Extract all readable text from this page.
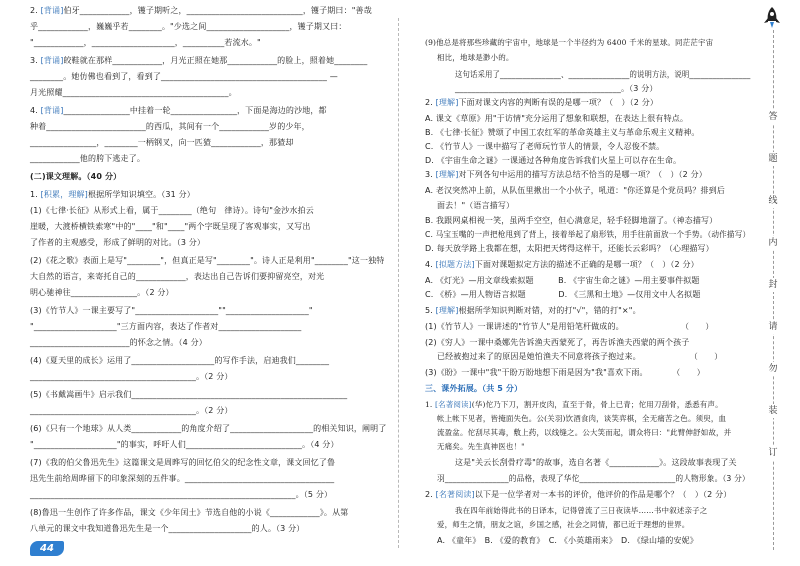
2. [背诵]伯牙____________，镬子期听之，____________________________，镬子期曰："善哉
乎____________，巍巍乎若________。"少选之间____________________，镬子期又曰：
"____________，____________________，__________若流水。"
3. [背诵]皎鞋就在那样____________，月光正照在她那____________的脸上，照着她________
________。她仿佛也看到了，看到了________________________________________ —
月光照耀________________________________________。
4. [背诵]________________中挂着一轮________________，下面是海边的沙地，都
种着________________________的西瓜，其间有一个____________岁的少年，
________________，________一柄钢叉，向一匹猹____________，那猹却
____________他的胯下逃走了。
(二)课文理解。（40 分）
1. [积累，理解]根据所学知识填空。（31 分）
(1)《七律·长征》从形式上看，属于________（绝句　律诗）。诗句"金沙水拍云
崖暖，大渡桥横铁索寒"中的"____"和"____"两个字既呈现了客观事实，又写出
了作者的主观感受，形成了鲜明的对比。（3 分）
(2)《花之歌》表面上是写"________"，但真正是写"________"。诗人正是利用"________"这一独特
大自然的语言，来寄托自己的____________，表达出自己告诉们要抑留亮空，对光
明心驰神往________________。（2 分）
(3)《竹节人》一课主要写了"____________________""____________________"
"____________________"三方面内容，表达了作者对____________________
________________________的怀念之情。（4 分）
(4)《夏天里的成长》运用了____________________的写作手法，启迪我们________
________________________________________。（2 分）
(5)《书戴嵩画牛》启示我们____________________________________________________
________________________________________。（2 分）
(6)《只有一个地球》从人类____________的角度介绍了____________________的相关知识，阐明了
"____________________"的事实，呼吁人们____________________________。（4 分）
(7)《我的伯父鲁迅先生》这篇课文是周晔写的回忆伯父的纪念性文章，课文回忆了鲁
迅先生前给周晔留下的印象深刻的五件事。____________________________________
________________________________________________________________。（5 分）
(8)鲁迅一生创作了许多作品，课文《少年闰土》节选自他的小说《____________》。从第
八单元的课文中我知道鲁迅先生是一个____________________的人。（3 分）
(9)他总是将那些珍藏的宇宙中，地球是一个半径约为 6400 千米的星球。同茫茫宇宙
相比，地球是渺小的。
这句话采用了________________、________________的说明方法，说明________________
________________________________________。（3 分）
2. [理解]下面对课文内容的判断有误的是哪一项？（　）（2 分）
A. 课文《草原》用"于访情"充分运用了想象和联想，在表达上很有特点。
B. 《七律·长征》赞颂了中国工农红军的革命英雄主义与革命乐观主义精神。
C. 《竹节人》一课中描写了老师玩竹节人的情景，令人忍俊不禁。
D. 《宇宙生命之谜》一课通过各种角度告诉我们火星上可以存在生命。
3. [理解]对下列各句中运用的描写方法总结不恰当的是哪一项？（　）（2 分）
A. 老汉突然冲上前，从队伍里揪出一个小伙子，吼道："你还算是个党员吗？排到后
面去！"（语言描写）
B. 我跟网桌相视一笑，虽两手空空，但心满意足，轻手轻脚地溜了。（神态描写）
C. 马宝玉嘴的一声把枪甩到了背上，接着举起了扇形铁，用手往前面放一个手势。（动作描写）
D. 每天放学路上我都在想，太阳把天烤得这样干，还能长云彩吗？（心理描写）
4. [拟题方法]下面对课题拟定方法的描述不正确的是哪一项？（　）（2 分）
A. 《灯光》—用文章线索拟题　　　B. 《宇宙生命之谜》—用主要事件拟题
C. 《桥》—用人物语言拟题　　　　D. 《三黑和土地》—仅用文中人名拟题
5. [理解]根据所学知识判断对错，对的打"√"，错的打"×"。
(1)《竹节人》一课讲述的"竹节人"是用铅笔杆做成的。　　　　　　　　（　　）
(2)《穷人》一课中桑娜先告诉渔夫西蒙死了，再告诉渔夫西蒙的两个孩子
已经被抱过来了的原因是她怕渔夫不同意将孩子抱过来。　　　　　　　（　　）
(3)《盼》一课中"我"干盼万盼地想下雨是因为"我"喜欢下雨。　　　　（　　）
三、课外拓展。（共 5 分）
1. [名著阅读](华)佗乃下刀，割开皮肉，直至于骨，骨上已青；佗用刀刮骨，悉悉有声。
帐上帐下见者，皆掩面失色。公(关羽)饮酒食肉，谈笑弈棋，全无痛苦之色。须臾，血
流盈盆。佗刮尽其毒，敷上药，以线缝之。公大笑而起，谓众将曰："此臂伸舒如故，并
无痛矣。先生真神医也！"
这是"关云长刮骨疗毒"的故事，选自名著《____________》。这段故事表现了关
羽________________的品格，表现了华佗________________________的人物形象。（3 分）
2. [名著阅读]以下是一位学者对一本书的评价，他评价的作品是哪个？（　）（2 分）
我在四年前始得此书的日译本，记得曾流了三日夜读毕……书中叙述亲子之
爱，师生之情，朋友之谊，乡国之感，社会之同情，都已近于理想的世界。
A. 《童年》　B. 《爱的教育》　C. 《小英雄雨来》　D. 《绿山墙的安妮》
答
题
线
内
封
请
勿
装
订
44
